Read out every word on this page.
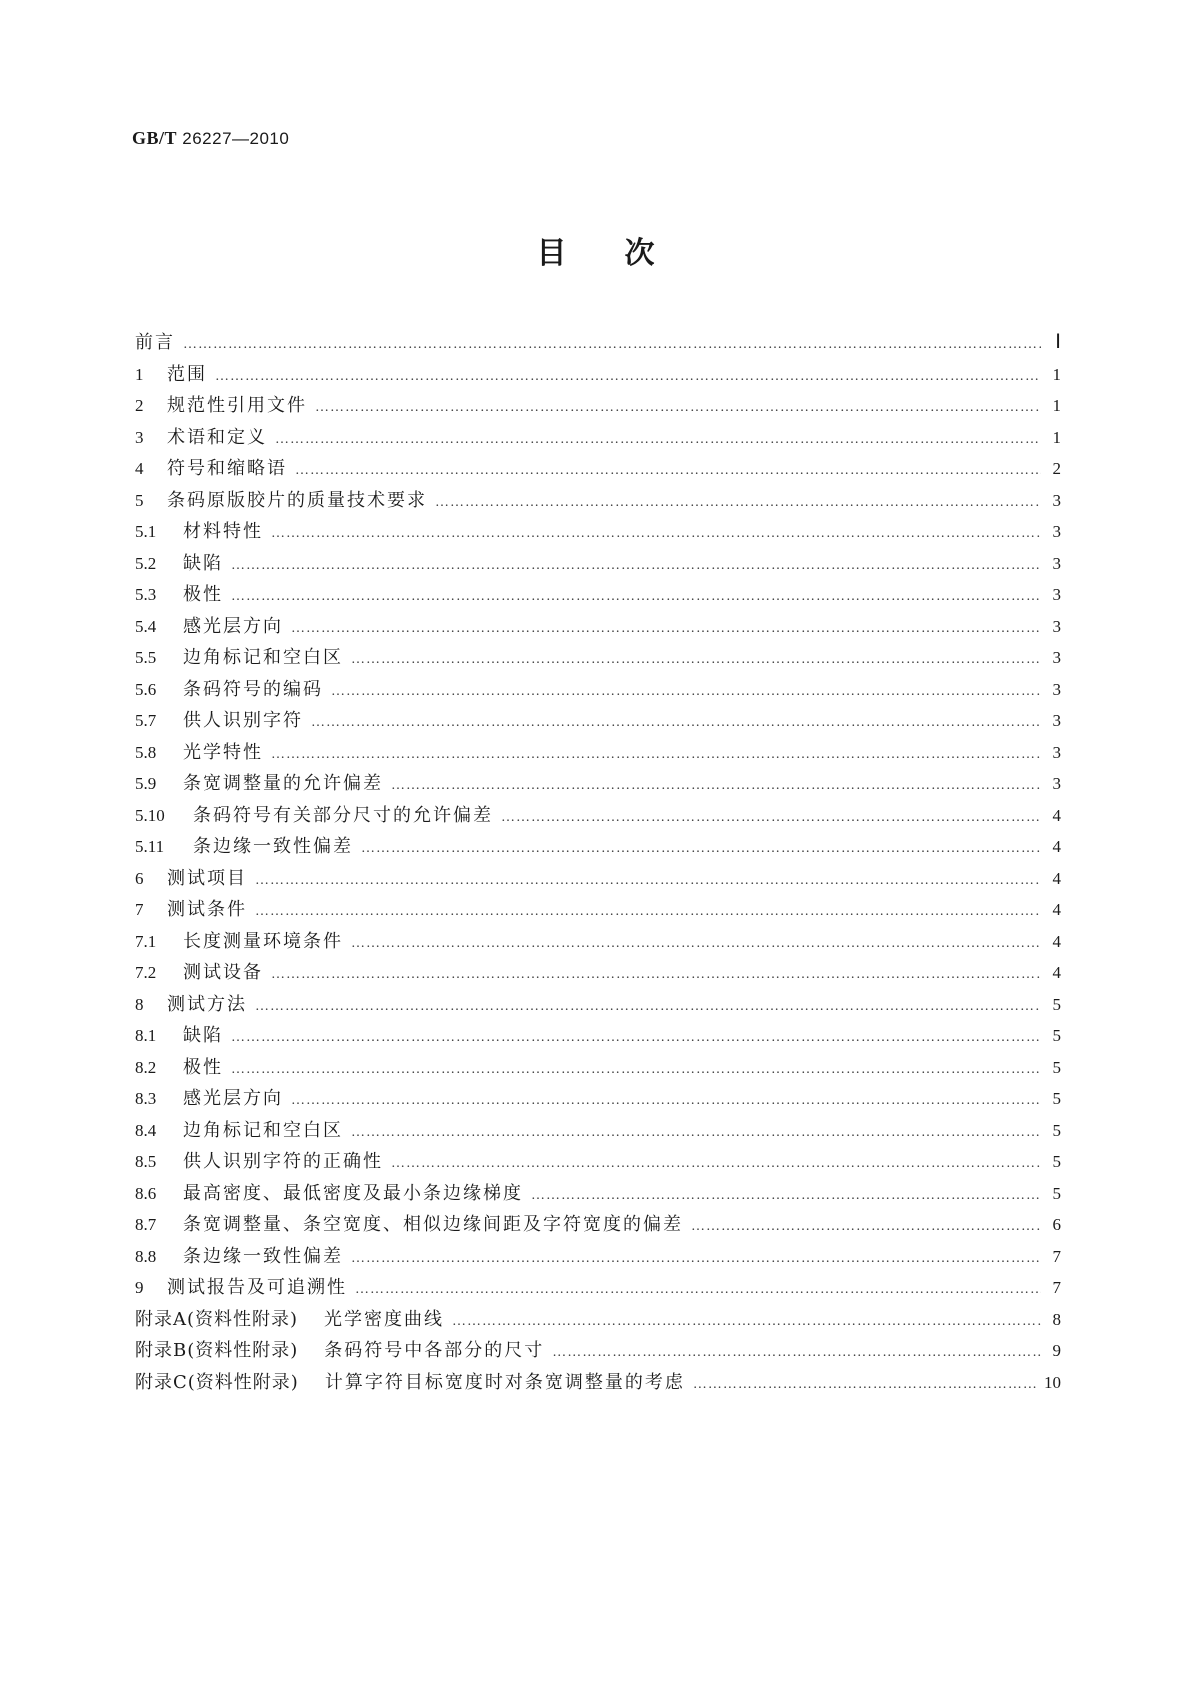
GB/T 26227—2010
目次
前言 ………………………………………………………………………………………………………………………………………………………………………………………………………………………………	Ⅰ
1	范围 ………………………………………………………………………………………………………………………………………………………………………………………………………………………………	1
2	规范性引用文件 ………………………………………………………………………………………………………………………………………………………………………………………………………………………………	1
3	术语和定义 ………………………………………………………………………………………………………………………………………………………………………………………………………………………………	1
4	符号和缩略语 ………………………………………………………………………………………………………………………………………………………………………………………………………………………………	2
5	条码原版胶片的质量技术要求 ………………………………………………………………………………………………………………………………………………………………………………………………………………………………	3
5.1	材料特性 ………………………………………………………………………………………………………………………………………………………………………………………………………………………………	3
5.2	缺陷 ………………………………………………………………………………………………………………………………………………………………………………………………………………………………	3
5.3	极性 ………………………………………………………………………………………………………………………………………………………………………………………………………………………………	3
5.4	感光层方向 ………………………………………………………………………………………………………………………………………………………………………………………………………………………………	3
5.5	边角标记和空白区 ………………………………………………………………………………………………………………………………………………………………………………………………………………………………	3
5.6	条码符号的编码 ………………………………………………………………………………………………………………………………………………………………………………………………………………………………	3
5.7	供人识别字符 ………………………………………………………………………………………………………………………………………………………………………………………………………………………………	3
5.8	光学特性 ………………………………………………………………………………………………………………………………………………………………………………………………………………………………	3
5.9	条宽调整量的允许偏差 ………………………………………………………………………………………………………………………………………………………………………………………………………………………………	3
5.10	条码符号有关部分尺寸的允许偏差 ………………………………………………………………………………………………………………………………………………………………………………………………………………………………	4
5.11	条边缘一致性偏差 ………………………………………………………………………………………………………………………………………………………………………………………………………………………………	4
6	测试项目 ………………………………………………………………………………………………………………………………………………………………………………………………………………………………	4
7	测试条件 ………………………………………………………………………………………………………………………………………………………………………………………………………………………………	4
7.1	长度测量环境条件 ………………………………………………………………………………………………………………………………………………………………………………………………………………………………	4
7.2	测试设备 ………………………………………………………………………………………………………………………………………………………………………………………………………………………………	4
8	测试方法 ………………………………………………………………………………………………………………………………………………………………………………………………………………………………	5
8.1	缺陷 ………………………………………………………………………………………………………………………………………………………………………………………………………………………………	5
8.2	极性 ………………………………………………………………………………………………………………………………………………………………………………………………………………………………	5
8.3	感光层方向 ………………………………………………………………………………………………………………………………………………………………………………………………………………………………	5
8.4	边角标记和空白区 ………………………………………………………………………………………………………………………………………………………………………………………………………………………………	5
8.5	供人识别字符的正确性 ………………………………………………………………………………………………………………………………………………………………………………………………………………………………	5
8.6	最高密度、最低密度及最小条边缘梯度 ………………………………………………………………………………………………………………………………………………………………………………………………………………………………	5
8.7	条宽调整量、条空宽度、相似边缘间距及字符宽度的偏差 ………………………………………………………………………………………………………………………………………………………………………………………………………………………………	6
8.8	条边缘一致性偏差 ………………………………………………………………………………………………………………………………………………………………………………………………………………………………	7
9	测试报告及可追溯性 ………………………………………………………………………………………………………………………………………………………………………………………………………………………………	7
附录A(资料性附录) 光学密度曲线 ………………………………………………………………………………………………………………………………………………………………………………………………………………………………	8
附录B(资料性附录) 条码符号中各部分的尺寸 ………………………………………………………………………………………………………………………………………………………………………………………………………………………………	9
附录C(资料性附录) 计算字符目标宽度时对条宽调整量的考虑 ………………………………………………………………………………………………………………………………………………………………………………………………………………………………	10
